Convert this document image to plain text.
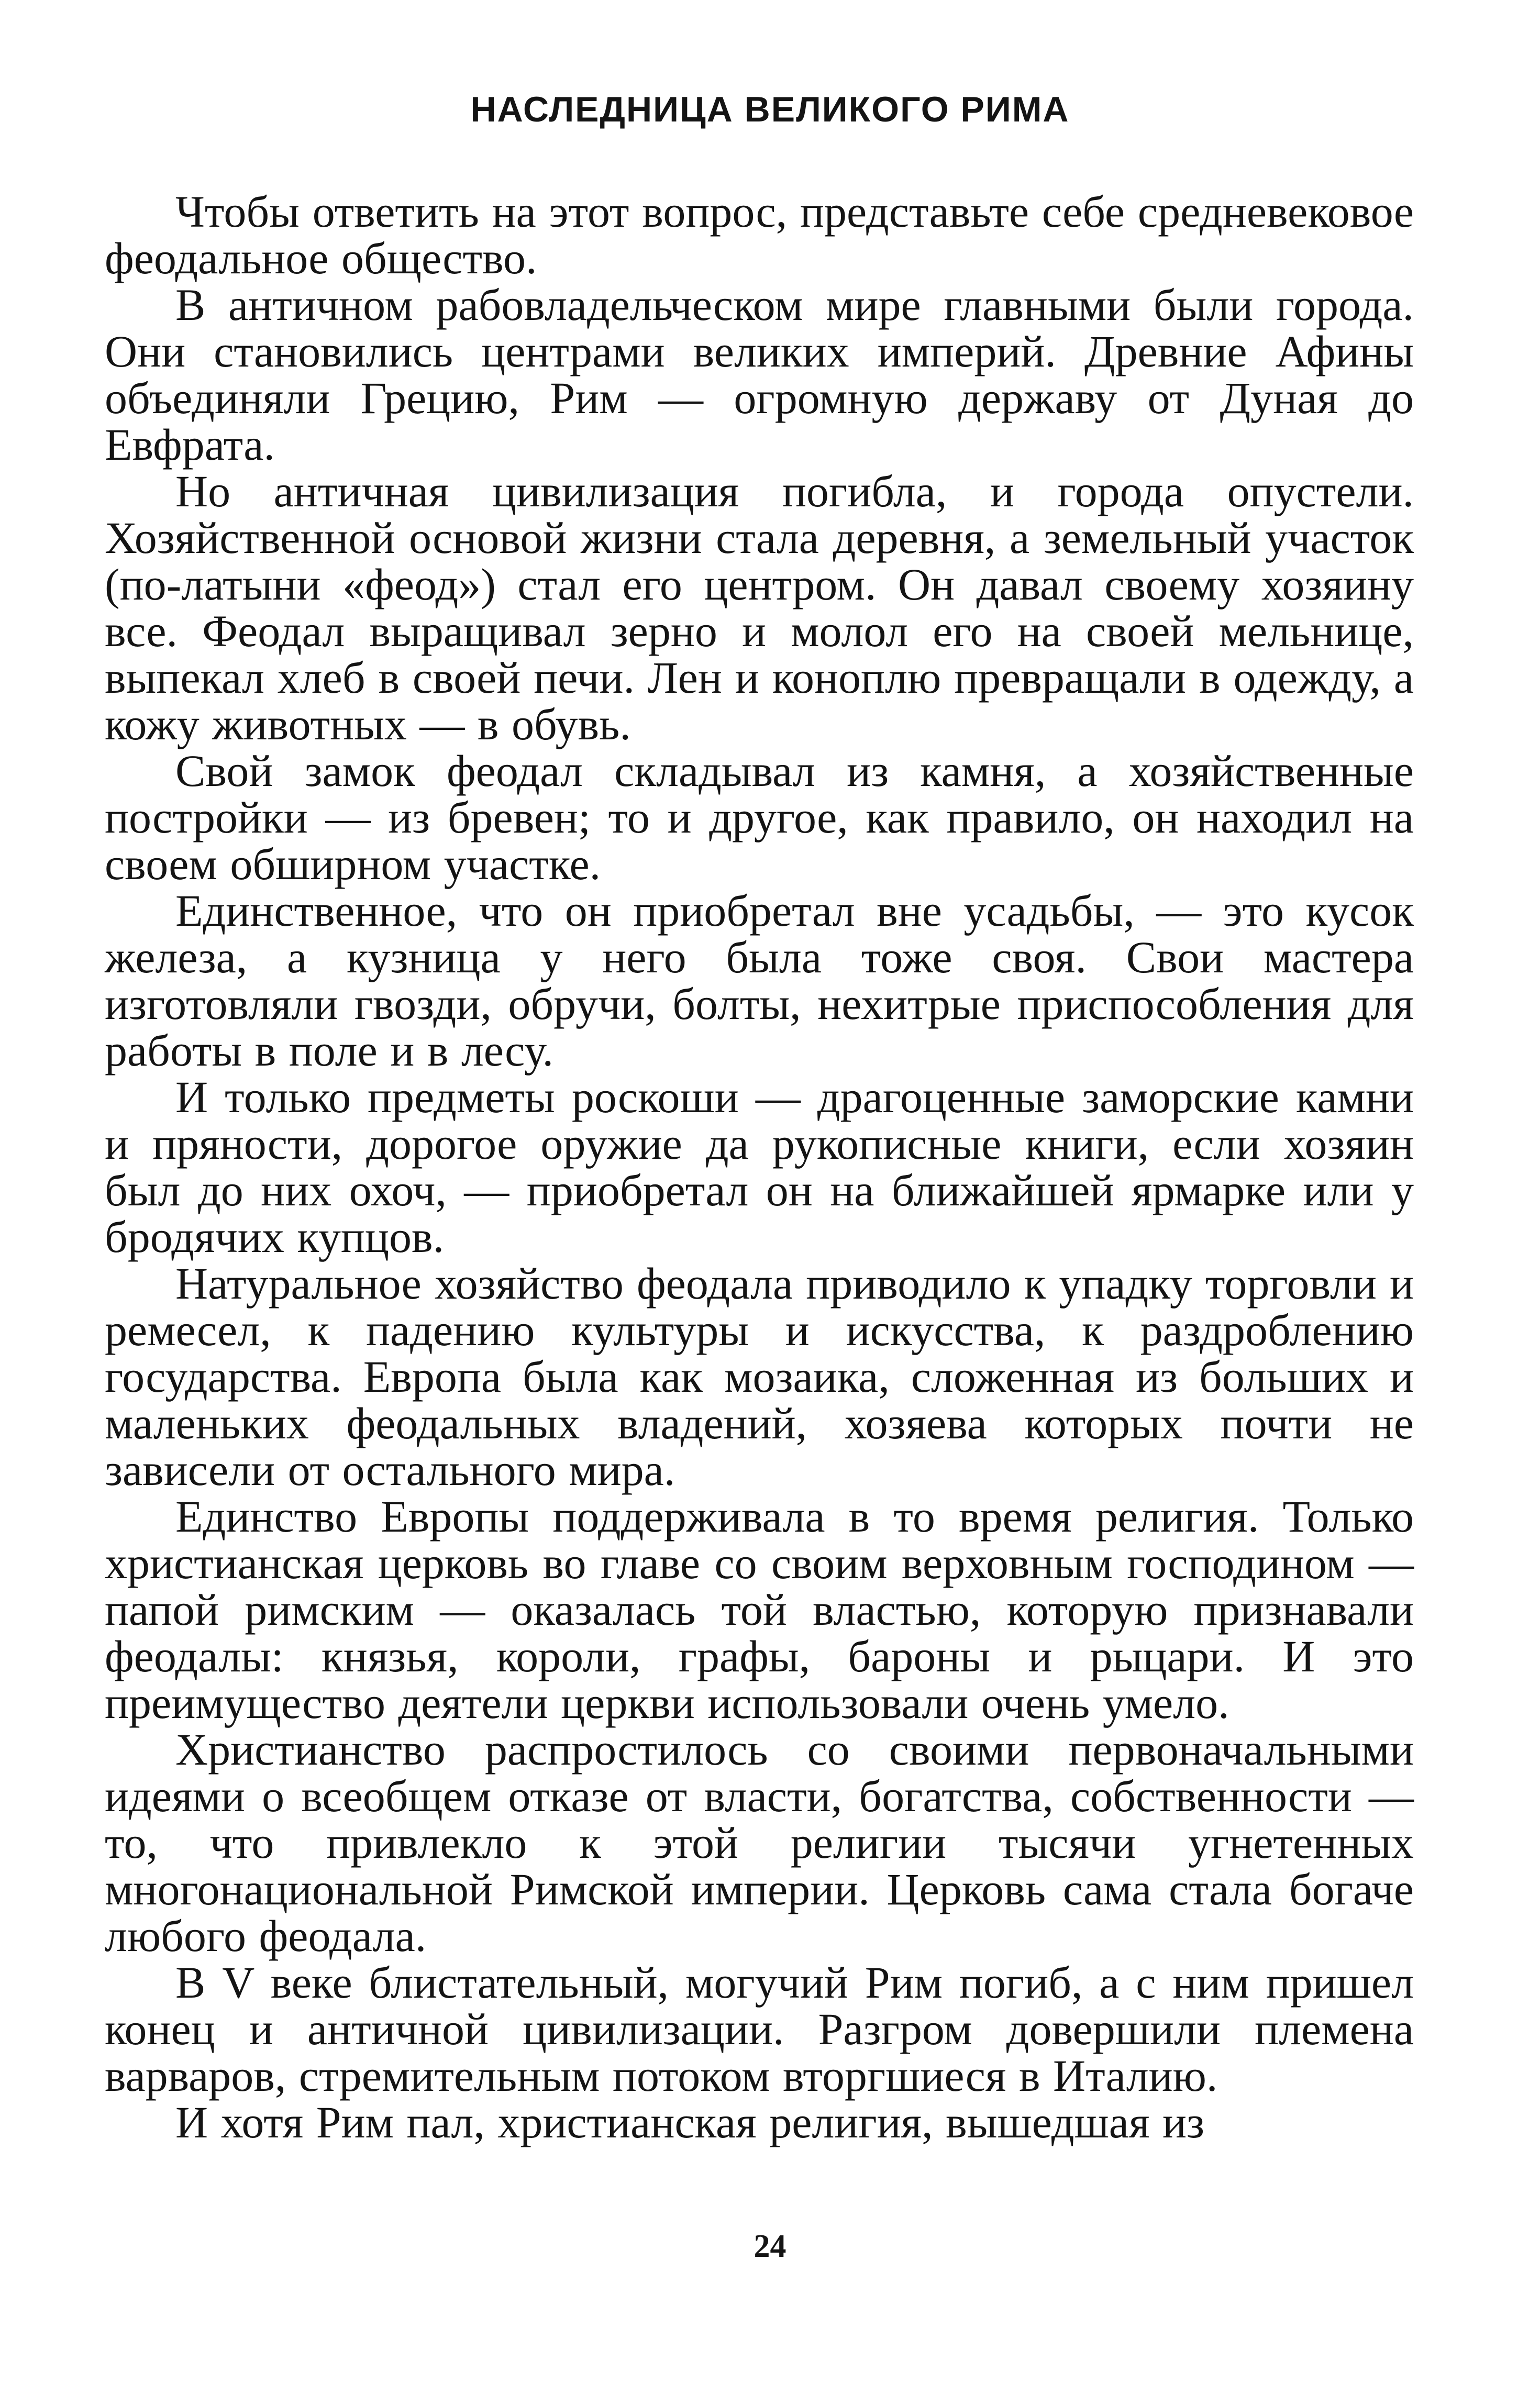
НАСЛЕДНИЦА ВЕЛИКОГО РИМА

Чтобы ответить на этот вопрос, представьте себе средневековое феодальное общество.

В античном рабовладельческом мире главными были города. Они становились центрами великих империй. Древние Афины объединяли Грецию, Рим — огромную державу от Дуная до Евфрата.

Но античная цивилизация погибла, и города опустели. Хозяйственной основой жизни стала деревня, а земельный участок (по-латыни «феод») стал его центром. Он давал своему хозяину все. Феодал выращивал зерно и молол его на своей мельнице, выпекал хлеб в своей печи. Лен и коноплю превращали в одежду, а кожу животных — в обувь.

Свой замок феодал складывал из камня, а хозяйственные постройки — из бревен; то и другое, как правило, он находил на своем обширном участке.

Единственное, что он приобретал вне усадьбы, — это кусок железа, а кузница у него была тоже своя. Свои мастера изготовляли гвозди, обручи, болты, нехитрые приспособления для работы в поле и в лесу.

И только предметы роскоши — драгоценные заморские камни и пряности, дорогое оружие да рукописные книги, если хозяин был до них охоч, — приобретал он на ближайшей ярмарке или у бродячих купцов.

Натуральное хозяйство феодала приводило к упадку торговли и ремесел, к падению культуры и искусства, к раздроблению государства. Европа была как мозаика, сложенная из больших и маленьких феодальных владений, хозяева которых почти не зависели от остального мира.

Единство Европы поддерживала в то время религия. Только христианская церковь во главе со своим верховным господином — папой римским — оказалась той властью, которую признавали феодалы: князья, короли, графы, бароны и рыцари. И это преимущество деятели церкви использовали очень умело.

Христианство распростилось со своими первоначальными идеями о всеобщем отказе от власти, богатства, собственности — то, что привлекло к этой религии тысячи угнетенных многонациональной Римской империи. Церковь сама стала богаче любого феодала.

В V веке блистательный, могучий Рим погиб, а с ним пришел конец и античной цивилизации. Разгром довершили племена варваров, стремительным потоком вторгшиеся в Италию.

И хотя Рим пал, христианская религия, вышедшая из

24
